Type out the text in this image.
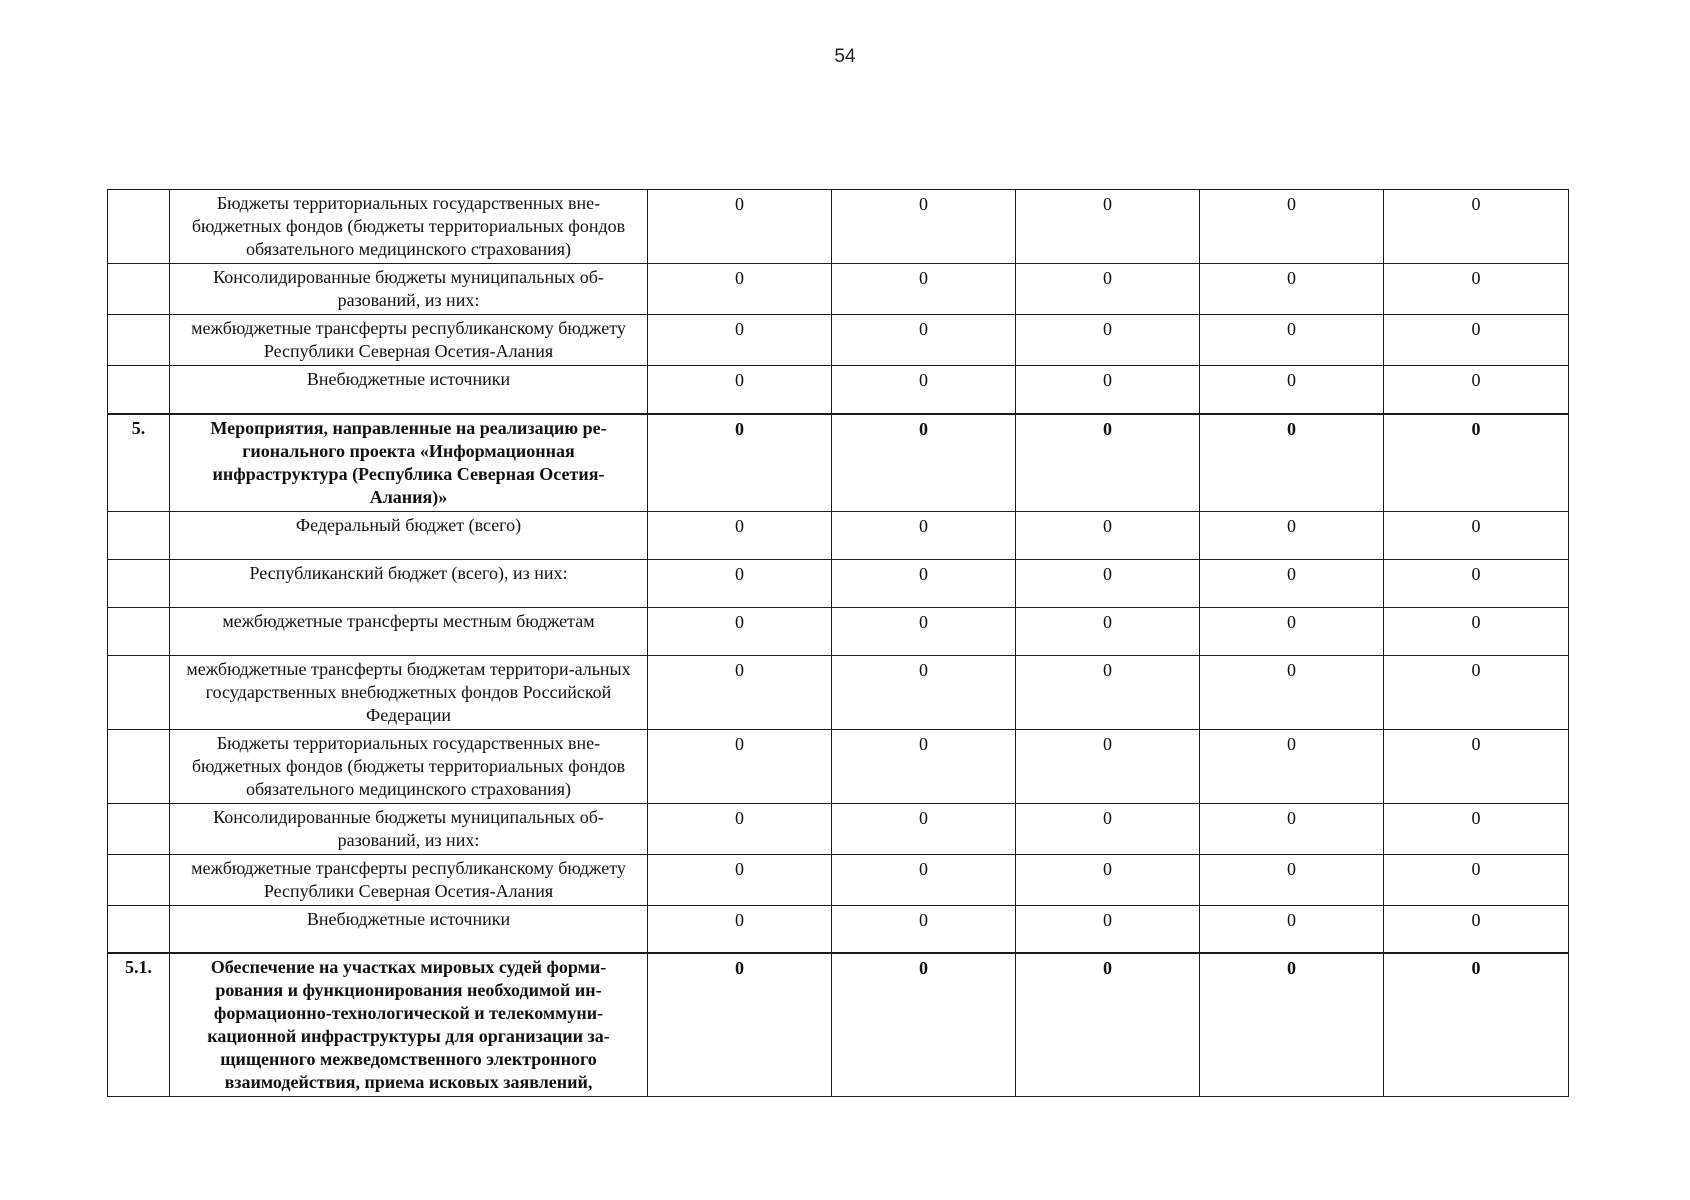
54
	Бюджеты территориальных государственных вне-бюджетных фондов (бюджеты территориальных фондов обязательного медицинского страхования)	0	0	0	0	0
	Консолидированные бюджеты муниципальных об-разований, из них:	0	0	0	0	0
	межбюджетные трансферты республиканскому бюджету Республики Северная Осетия-Алания	0	0	0	0	0
	Внебюджетные источники	0	0	0	0	0
5.	Мероприятия, направленные на реализацию ре-гионального проекта «Информационная инфраструктура (Республика Северная Осетия-Алания)»	0	0	0	0	0
	Федеральный бюджет (всего)	0	0	0	0	0
	Республиканский бюджет (всего), из них:	0	0	0	0	0
	межбюджетные трансферты местным бюджетам	0	0	0	0	0
	межбюджетные трансферты бюджетам территори-альных государственных внебюджетных фондов Российской Федерации	0	0	0	0	0
	Бюджеты территориальных государственных вне-бюджетных фондов (бюджеты территориальных фондов обязательного медицинского страхования)	0	0	0	0	0
	Консолидированные бюджеты муниципальных об-разований, из них:	0	0	0	0	0
	межбюджетные трансферты республиканскому бюджету Республики Северная Осетия-Алания	0	0	0	0	0
	Внебюджетные источники	0	0	0	0	0
5.1.	Обеспечение на участках мировых судей форми-рования и функционирования необходимой ин-формационно-технологической и телекоммуни-кационной инфраструктуры для организации за-щищенного межведомственного электронного взаимодействия, приема исковых заявлений,	0	0	0	0	0
